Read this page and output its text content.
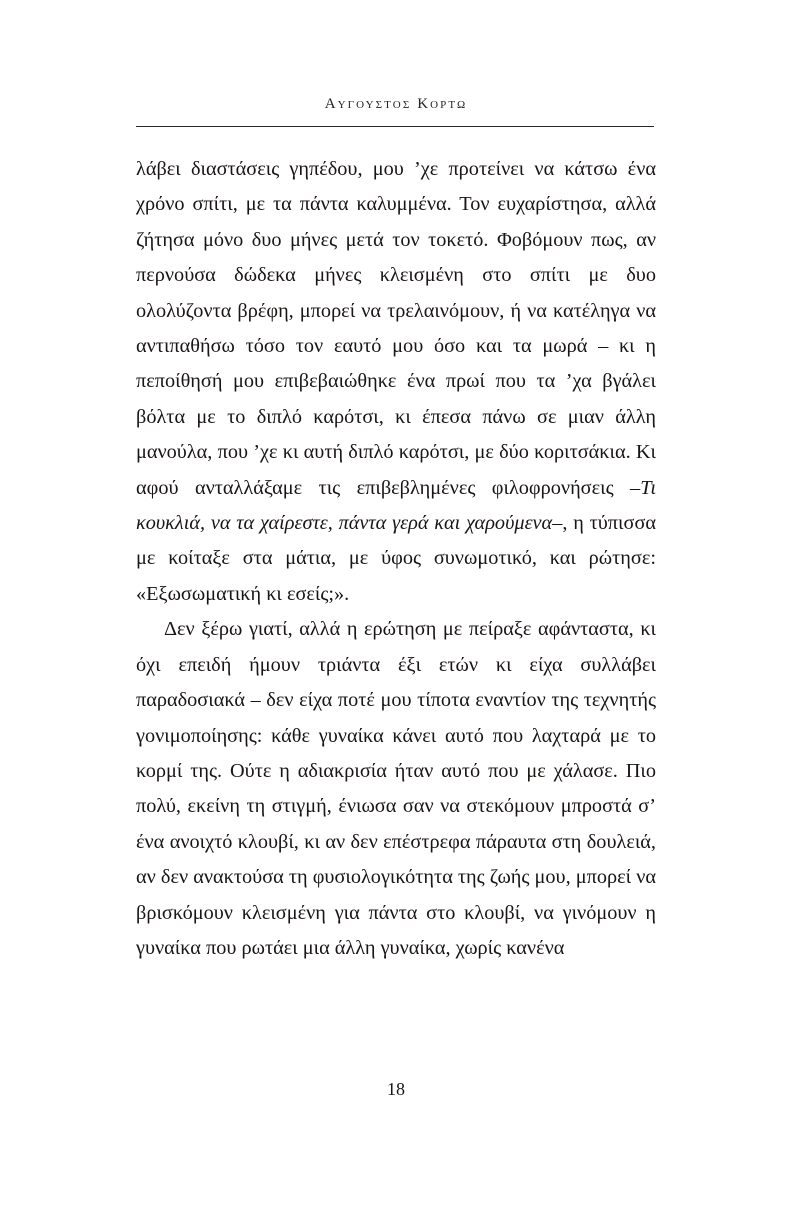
Αυγουστος Κορτω

λάβει διαστάσεις γηπέδου, μου ’χε προτείνει να κάτσω ένα χρόνο σπίτι, με τα πάντα καλυμμένα. Τον ευχαρίστησα, αλλά ζήτησα μόνο δυο μήνες μετά τον τοκετό. Φοβόμουν πως, αν περνούσα δώδεκα μήνες κλεισμένη στο σπίτι με δυο ολολύζοντα βρέφη, μπορεί να τρελαινόμουν, ή να κατέληγα να αντιπαθήσω τόσο τον εαυτό μου όσο και τα μωρά – κι η πεποίθησή μου επιβεβαιώθηκε ένα πρωί που τα ’χα βγάλει βόλτα με το διπλό καρότσι, κι έπεσα πάνω σε μιαν άλλη μανούλα, που ’χε κι αυτή διπλό καρότσι, με δύο κοριτσάκια. Κι αφού ανταλλάξαμε τις επιβεβλημένες φιλοφρονήσεις –Τι κουκλιά, να τα χαίρεστε, πάντα γερά και χαρούμενα–, η τύπισσα με κοίταξε στα μάτια, με ύφος συνωμοτικό, και ρώτησε: «Εξωσωματική κι εσείς;».

Δεν ξέρω γιατί, αλλά η ερώτηση με πείραξε αφάνταστα, κι όχι επειδή ήμουν τριάντα έξι ετών κι είχα συλλάβει παραδοσιακά – δεν είχα ποτέ μου τίποτα εναντίον της τεχνητής γονιμοποίησης: κάθε γυναίκα κάνει αυτό που λαχταρά με το κορμί της. Ούτε η αδιακρισία ήταν αυτό που με χάλασε. Πιο πολύ, εκείνη τη στιγμή, ένιωσα σαν να στεκόμουν μπροστά σ’ ένα ανοιχτό κλουβί, κι αν δεν επέστρεφα πάραυτα στη δουλειά, αν δεν ανακτούσα τη φυσιολογικότητα της ζωής μου, μπορεί να βρισκόμουν κλεισμένη για πάντα στο κλουβί, να γινόμουν η γυναίκα που ρωτάει μια άλλη γυναίκα, χωρίς κανένα

18
